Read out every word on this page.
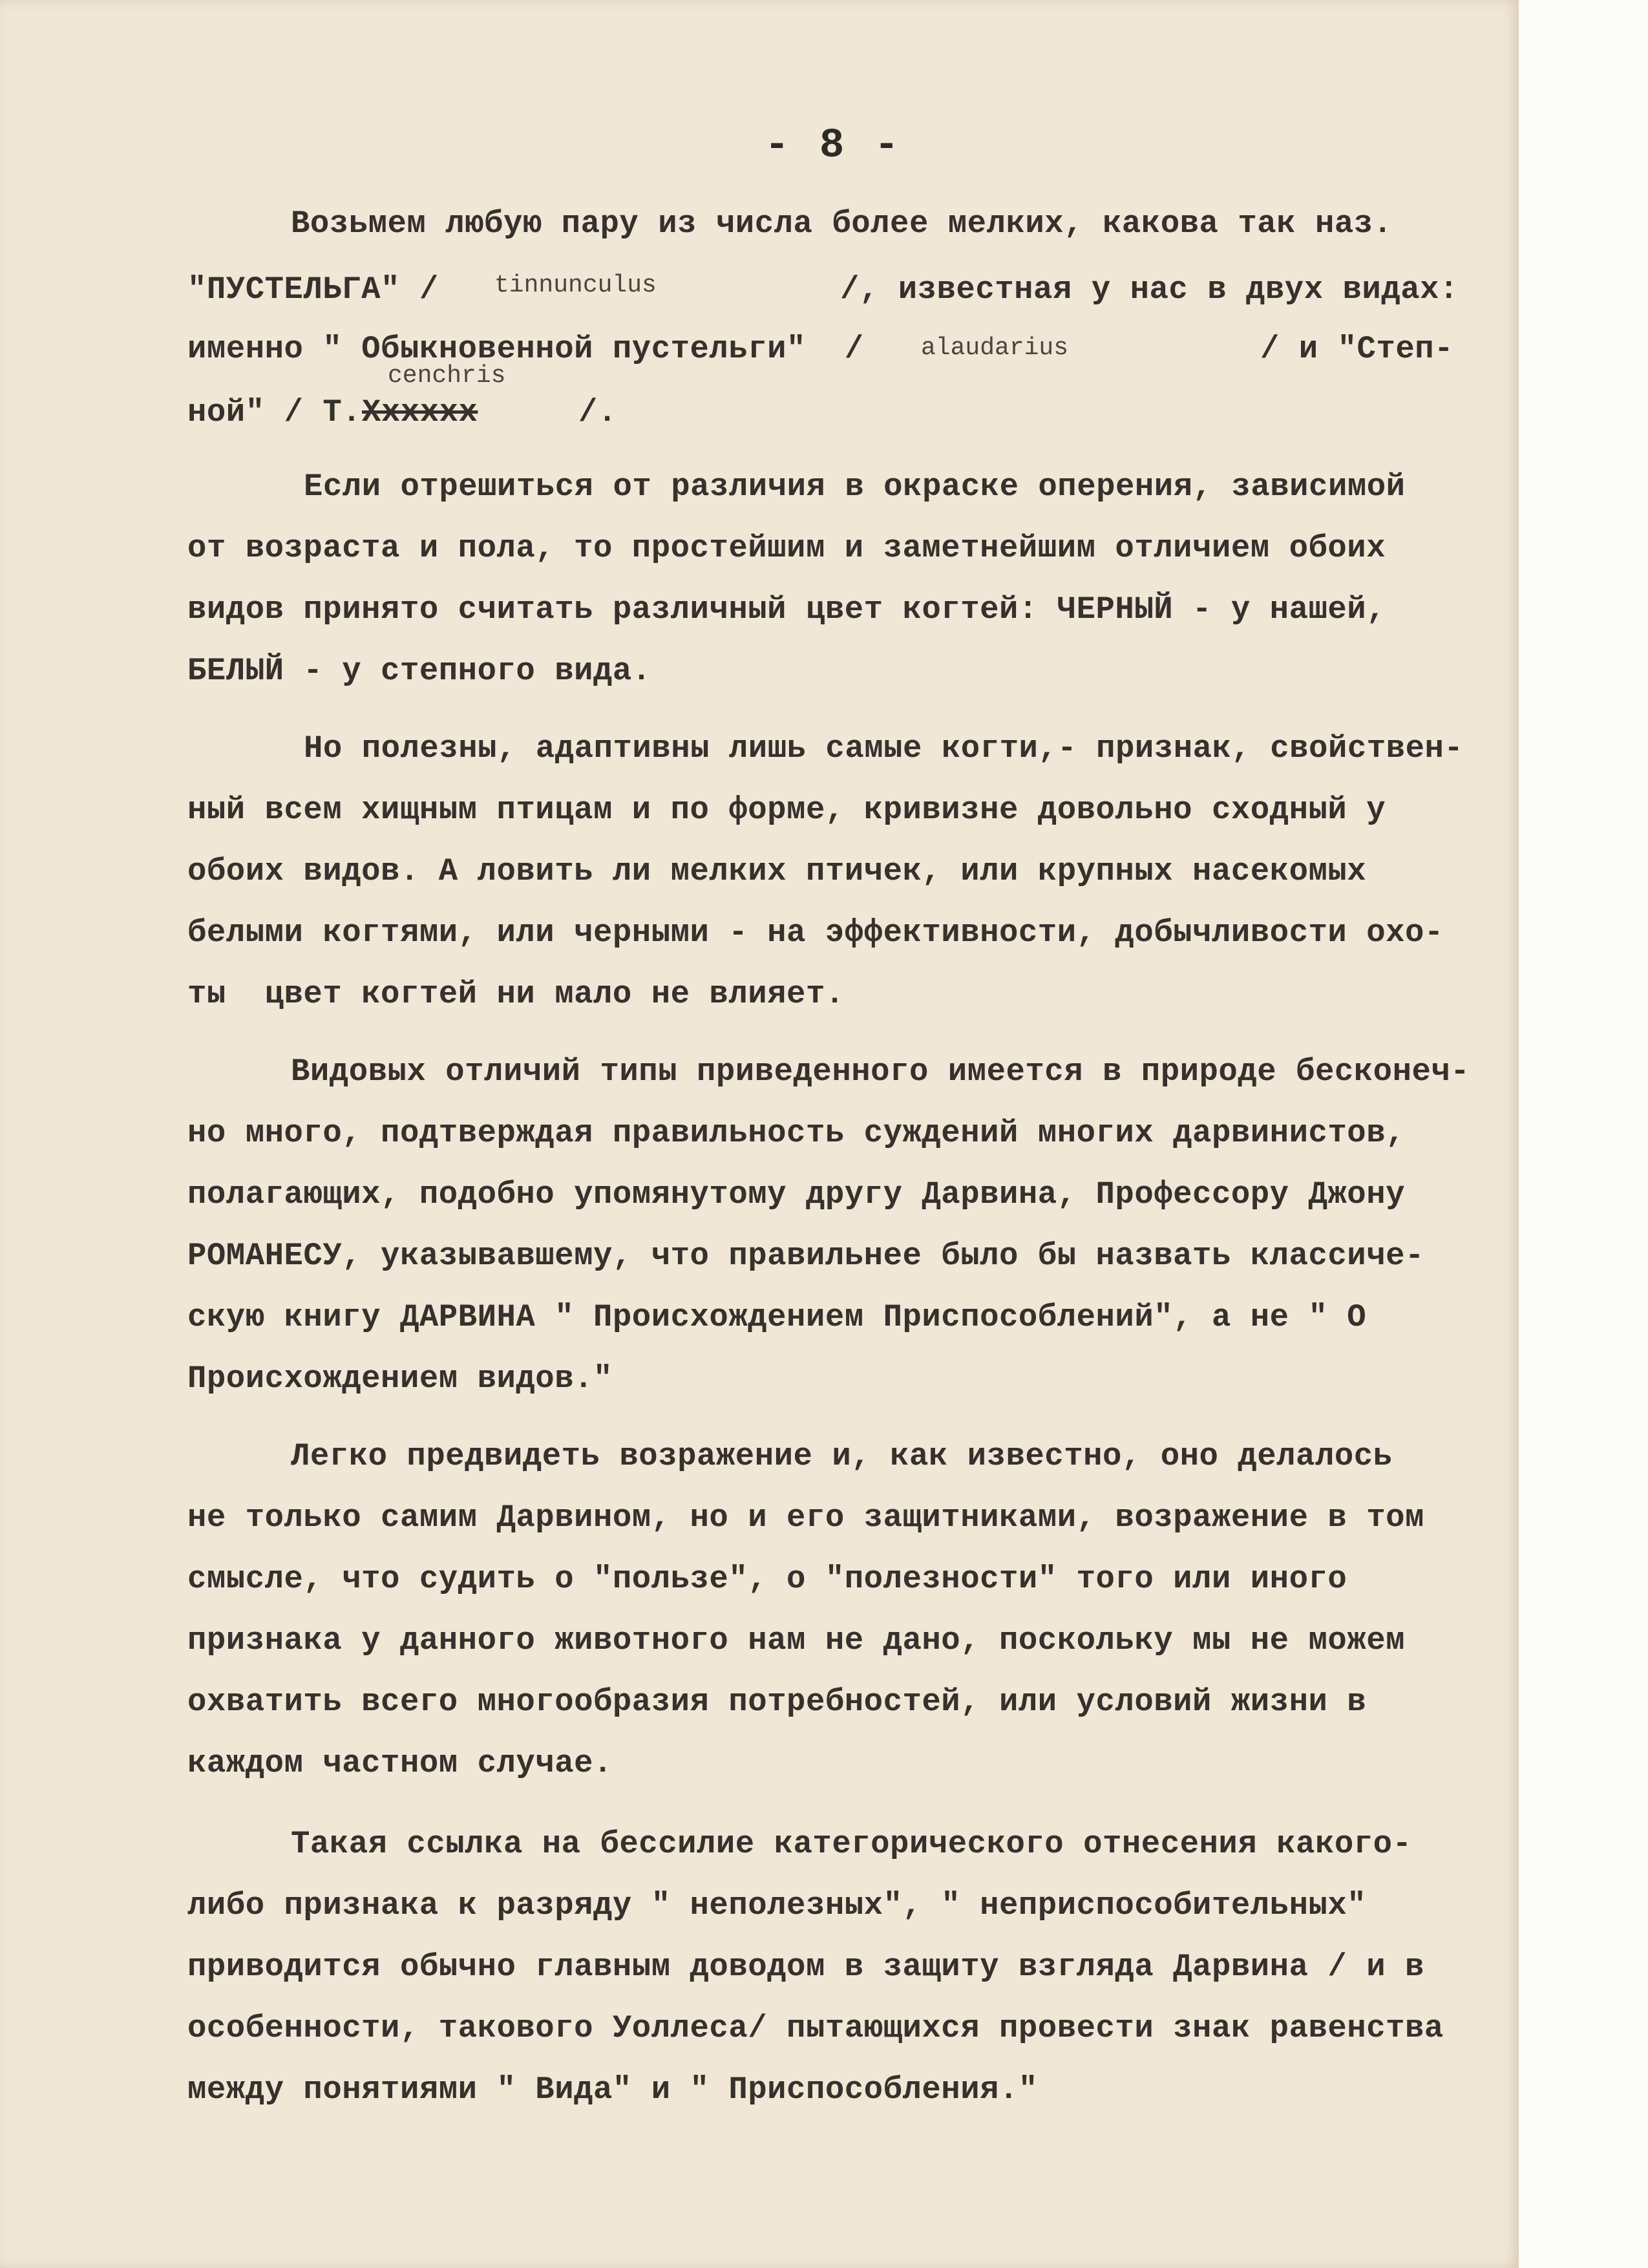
- 8 -
Возьмем любую пару из числа более мелких, какова так наз.
"ПУСТЕЛЬГА" / tinnunculus	/, известная у нас в двух видах:
именно " Обыкновенной пустельги"  / alaudarius	/ и "Степ-
cenchris
ной" / Т. Хххххх	/.
Если отрешиться от различия в окраске оперения, зависимой
от возраста и пола, то простейшим и заметнейшим отличием обоих
видов принято считать различный цвет когтей: ЧЕРНЫЙ - у нашей,
БЕЛЫЙ - у степного вида.
Но полезны, адаптивны лишь самые когти,- признак, свойствен-
ный всем хищным птицам и по форме, кривизне довольно сходный у
обоих видов. А ловить ли мелких птичек, или крупных насекомых
белыми когтями, или черными - на эффективности, добычливости охо-
ты  цвет когтей ни мало не влияет.
Видовых отличий типы приведенного имеется в природе бесконеч-
но много, подтверждая правильность суждений многих дарвинистов,
полагающих, подобно упомянутому другу Дарвина, Профессору Джону
РОМАНЕСУ, указывавшему, что правильнее было бы назвать классиче-
скую книгу ДАРВИНА " Происхождением Приспособлений", а не " О
Происхождением видов."
Легко предвидеть возражение и, как известно, оно делалось
не только самим Дарвином, но и его защитниками, возражение в том
смысле, что судить о "пользе", о "полезности" того или иного
признака у данного животного нам не дано, поскольку мы не можем
охватить всего многообразия потребностей, или условий жизни в
каждом частном случае.
Такая ссылка на бессилие категорического отнесения какого-
либо признака к разряду " неполезных", " неприспособительных"
приводится обычно главным доводом в защиту взгляда Дарвина / и в
особенности, таковогo Уоллеса/ пытающихся провести знак равенства
между понятиями " Вида" и " Приспособления."
